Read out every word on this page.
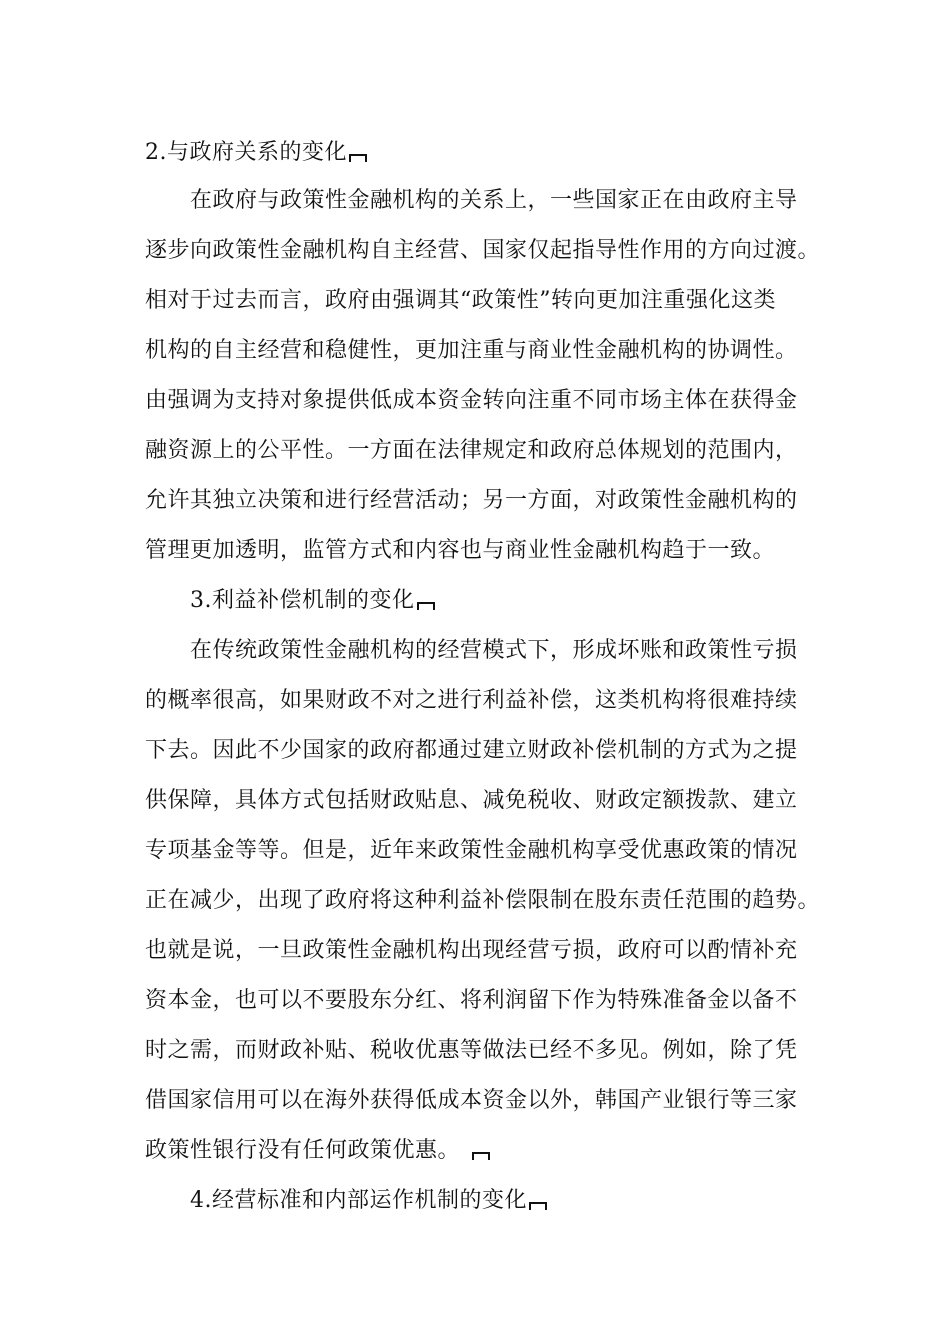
2.与政府关系的变化
在政府与政策性金融机构的关系上，一些国家正在由政府主导
逐步向政策性金融机构自主经营、国家仅起指导性作用的方向过渡。
相对于过去而言，政府由强调其“政策性”转向更加注重强化这类
机构的自主经营和稳健性，更加注重与商业性金融机构的协调性。
由强调为支持对象提供低成本资金转向注重不同市场主体在获得金
融资源上的公平性。一方面在法律规定和政府总体规划的范围内，
允许其独立决策和进行经营活动；另一方面，对政策性金融机构的
管理更加透明，监管方式和内容也与商业性金融机构趋于一致。
3.利益补偿机制的变化
在传统政策性金融机构的经营模式下，形成坏账和政策性亏损
的概率很高，如果财政不对之进行利益补偿，这类机构将很难持续
下去。因此不少国家的政府都通过建立财政补偿机制的方式为之提
供保障，具体方式包括财政贴息、减免税收、财政定额拨款、建立
专项基金等等。但是，近年来政策性金融机构享受优惠政策的情况
正在减少，出现了政府将这种利益补偿限制在股东责任范围的趋势。
也就是说，一旦政策性金融机构出现经营亏损，政府可以酌情补充
资本金，也可以不要股东分红、将利润留下作为特殊准备金以备不
时之需，而财政补贴、税收优惠等做法已经不多见。例如，除了凭
借国家信用可以在海外获得低成本资金以外，韩国产业银行等三家
政策性银行没有任何政策优惠。
4.经营标准和内部运作机制的变化
